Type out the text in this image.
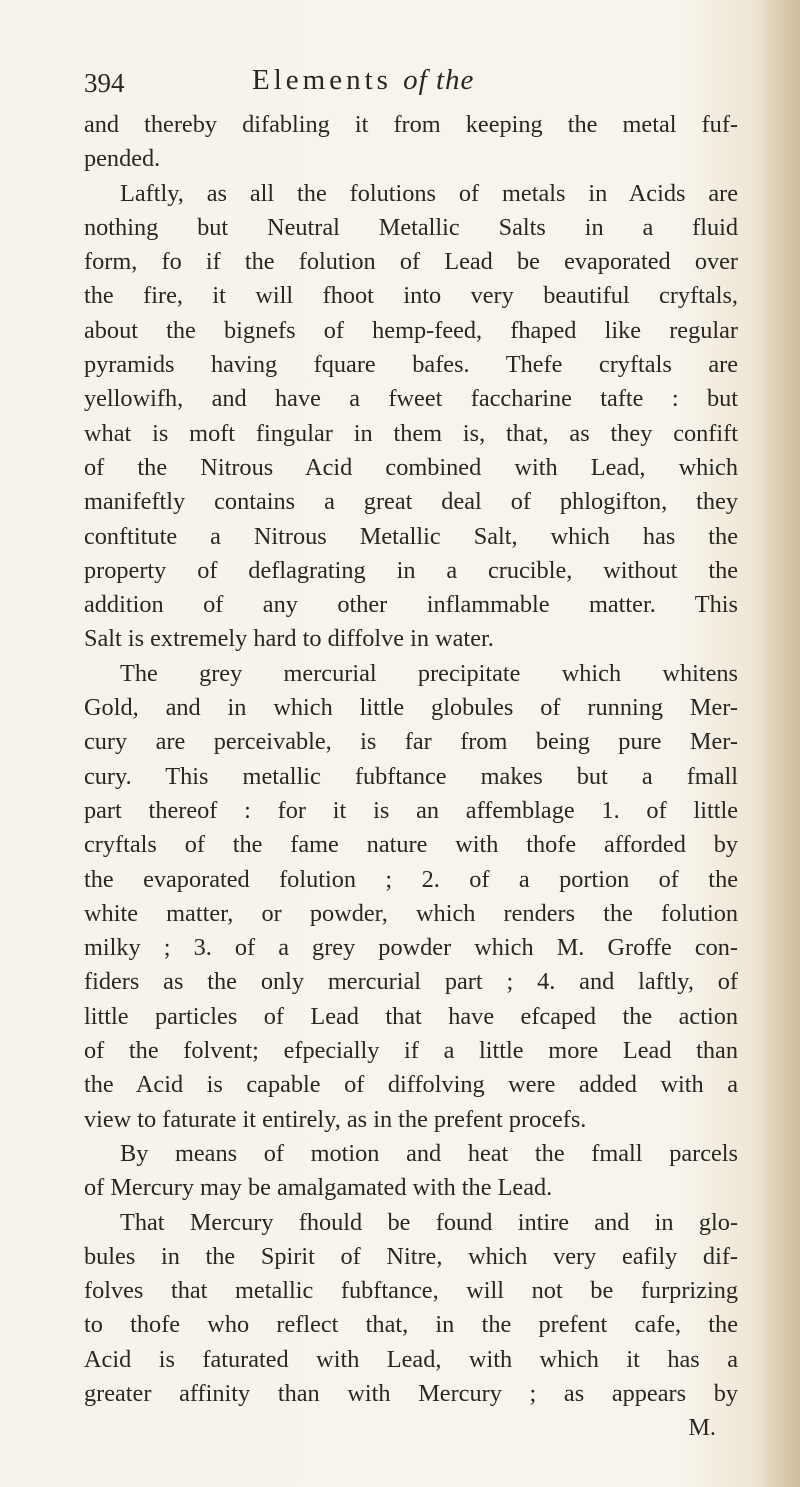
394	Elements of the
and thereby difabling it from keeping the metal fuf-
pended.
Laftly, as all the folutions of metals in Acids are
nothing but Neutral Metallic Salts in a fluid
form, fo if the folution of Lead be evaporated over
the fire, it will fhoot into very beautiful cryftals,
about the bignefs of hemp-feed, fhaped like regular
pyramids having fquare bafes. Thefe cryftals are
yellowifh, and have a fweet faccharine tafte : but
what is moft fingular in them is, that, as they confift
of the Nitrous Acid combined with Lead, which
manifeftly contains a great deal of phlogifton, they
conftitute a Nitrous Metallic Salt, which has the
property of deflagrating in a crucible, without the
addition of any other inflammable matter. This
Salt is extremely hard to diffolve in water.
The grey mercurial precipitate which whitens
Gold, and in which little globules of running Mer-
cury are perceivable, is far from being pure Mer-
cury. This metallic fubftance makes but a fmall
part thereof : for it is an affemblage 1. of little
cryftals of the fame nature with thofe afforded by
the evaporated folution ; 2. of a portion of the
white matter, or powder, which renders the folution
milky ; 3. of a grey powder which M. Groffe con-
fiders as the only mercurial part ; 4. and laftly, of
little particles of Lead that have efcaped the action
of the folvent; efpecially if a little more Lead than
the Acid is capable of diffolving were added with a
view to faturate it entirely, as in the prefent procefs.
By means of motion and heat the fmall parcels
of Mercury may be amalgamated with the Lead.
That Mercury fhould be found intire and in glo-
bules in the Spirit of Nitre, which very eafily dif-
folves that metallic fubftance, will not be furprizing
to thofe who reflect that, in the prefent cafe, the
Acid is faturated with Lead, with which it has a
greater affinity than with Mercury ; as appears by
M.
